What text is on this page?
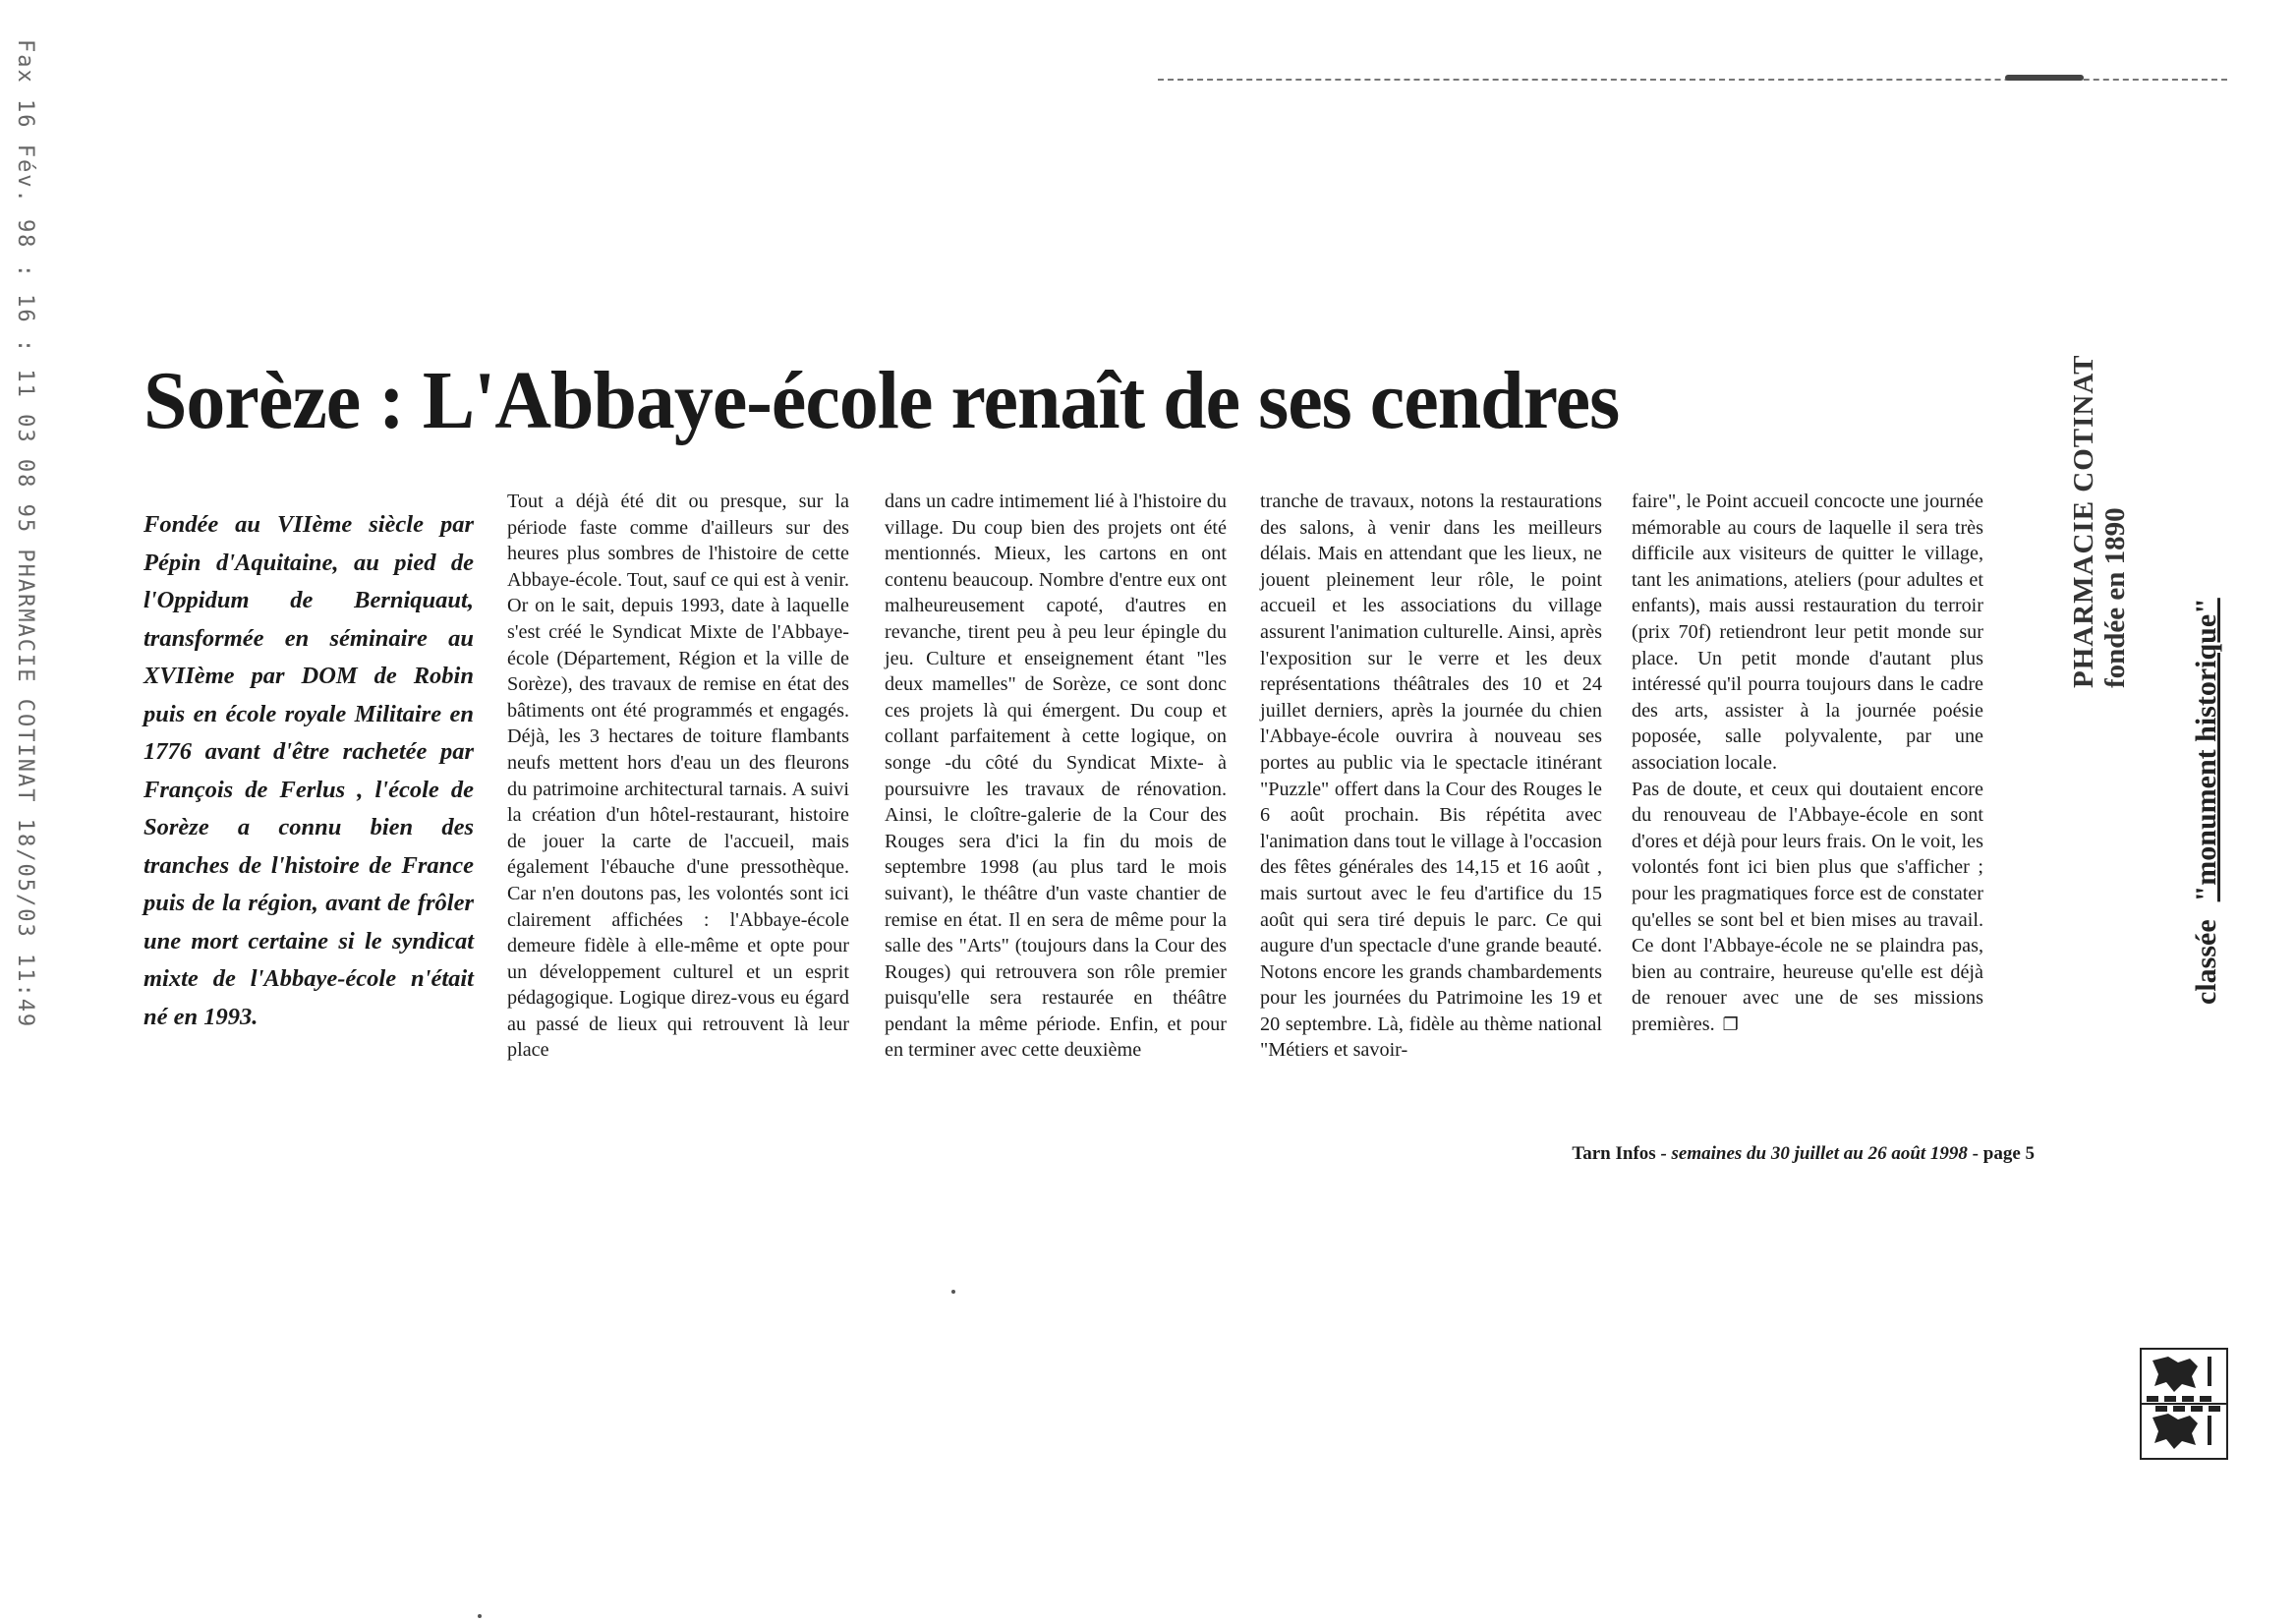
Fax 16 Fév. 98 : 16 : 11 03 08 95 PHARMACIE COTINAT 18/05/03 11:49 Sorèze : L'Abbaye-école renaît de ses cendres

Fondée au VIIème siècle par Pépin d'Aquitaine, au pied de l'Oppidum de Berniquaut, transformée en séminaire au XVIIème par DOM de Robin puis en école royale Militaire en 1776 avant d'être rachetée par François de Ferlus , l'école de Sorèze a connu bien des tranches de l'histoire de France puis de la région, avant de frôler une mort certaine si le syndicat mixte de l'Abbaye-école n'était né en 1993.

Tout a déjà été dit ou presque, sur la période faste comme d'ailleurs sur des heures plus sombres de l'histoire de cette Abbaye-école. Tout, sauf ce qui est à venir. Or on le sait, depuis 1993, date à laquelle s'est créé le Syndicat Mixte de l'Abbaye-école (Département, Région et la ville de Sorèze), des travaux de remise en état des bâtiments ont été programmés et engagés. Déjà, les 3 hectares de toiture flambants neufs mettent hors d'eau un des fleurons du patrimoine architectural tarnais. A suivi la création d'un hôtel-restaurant, histoire de jouer la carte de l'accueil, mais également l'ébauche d'une pressothèque. Car n'en doutons pas, les volontés sont ici clairement affichées : l'Abbaye-école demeure fidèle à elle-même et opte pour un développement culturel et un esprit pédagogique. Logique direz-vous eu égard au passé de lieux qui retrouvent là leur place

dans un cadre intimement lié à l'histoire du village. Du coup bien des projets ont été mentionnés. Mieux, les cartons en ont contenu beaucoup. Nombre d'entre eux ont malheureusement capoté, d'autres en revanche, tirent peu à peu leur épingle du jeu. Culture et enseignement étant "les deux mamelles" de Sorèze, ce sont donc ces projets là qui émergent. Du coup et collant parfaitement à cette logique, on songe -du côté du Syndicat Mixte- à poursuivre les travaux de rénovation. Ainsi, le cloître-galerie de la Cour des Rouges sera d'ici la fin du mois de septembre 1998 (au plus tard le mois suivant), le théâtre d'un vaste chantier de remise en état. Il en sera de même pour la salle des "Arts" (toujours dans la Cour des Rouges) qui retrouvera son rôle premier puisqu'elle sera restaurée en théâtre pendant la même période. Enfin, et pour en terminer avec cette deuxième

tranche de travaux, notons la restaurations des salons, à venir dans les meilleurs délais. Mais en attendant que les lieux, ne jouent pleinement leur rôle, le point accueil et les associations du village assurent l'animation culturelle. Ainsi, après l'exposition sur le verre et les deux représentations théâtrales des 10 et 24 juillet derniers, après la journée du chien l'Abbaye-école ouvrira à nouveau ses portes au public via le spectacle itinérant "Puzzle" offert dans la Cour des Rouges le 6 août prochain. Bis répétita avec l'animation dans tout le village à l'occasion des fêtes générales des 14,15 et 16 août , mais surtout avec le feu d'artifice du 15 août qui sera tiré depuis le parc. Ce qui augure d'un spectacle d'une grande beauté. Notons encore les grands chambardements pour les journées du Patrimoine les 19 et 20 septembre. Là, fidèle au thème national "Métiers et savoir-

faire", le Point accueil concocte une journée mémorable au cours de laquelle il sera très difficile aux visiteurs de quitter le village, tant les animations, ateliers (pour adultes et enfants), mais aussi restauration du terroir (prix 70f) retiendront leur petit monde sur place. Un petit monde d'autant plus intéressé qu'il pourra toujours dans le cadre des arts, assister à la journée poésie poposée, salle polyvalente, par une association locale.

Pas de doute, et ceux qui doutaient encore du renouveau de l'Abbaye-école en sont d'ores et déjà pour leurs frais. On le voit, les volontés font ici bien plus que s'afficher ; pour les pragmatiques force est de constater qu'elles se sont bel et bien mises au travail. Ce dont l'Abbaye-école ne se plaindra pas, bien au contraire, heureuse qu'elle est déjà de renouer avec une de ses missions premières. ❐

Tarn Infos - semaines du 30 juillet au 26 août 1998 - page 5

PHARMACIE COTINAT fondée en 1890
classée"monument historique"
